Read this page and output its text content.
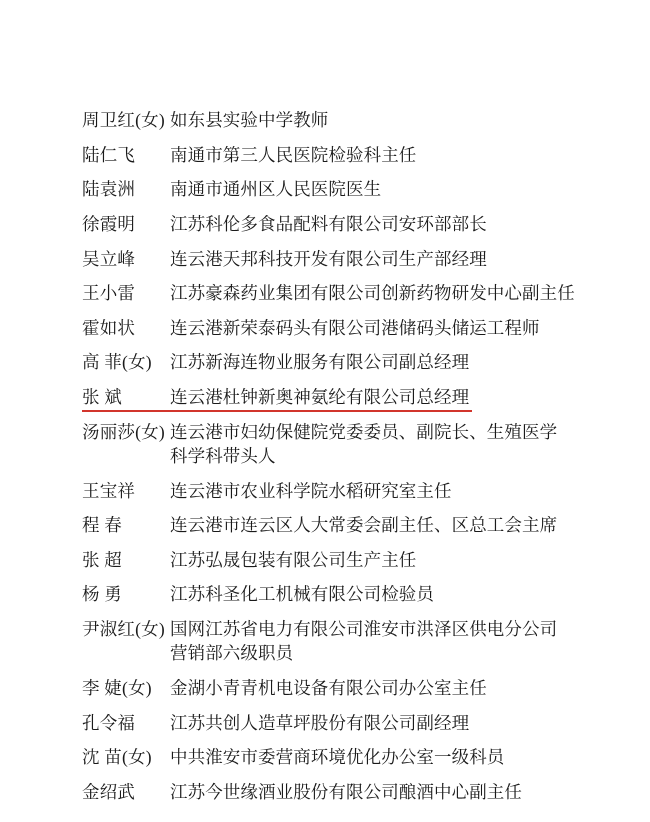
周卫红(女) 如东县实验中学教师
陆仁飞	南通市第三人民医院检验科主任
陆袁洲	南通市通州区人民医院医生
徐霞明	江苏科伦多食品配料有限公司安环部部长
吴立峰	连云港天邦科技开发有限公司生产部经理
王小雷	江苏豪森药业集团有限公司创新药物研发中心副主任
霍如状	连云港新荣泰码头有限公司港储码头储运工程师
高 菲(女)	江苏新海连物业服务有限公司副总经理
张 斌	连云港杜钟新奥神氨纶有限公司总经理
汤丽莎(女) 连云港市妇幼保健院党委委员、副院长、生殖医学
科学科带头人
王宝祥	连云港市农业科学院水稻研究室主任
程 春	连云港市连云区人大常委会副主任、区总工会主席
张 超	江苏弘晟包装有限公司生产主任
杨 勇	江苏科圣化工机械有限公司检验员
尹淑红(女) 国网江苏省电力有限公司淮安市洪泽区供电分公司
营销部六级职员
李 婕(女)	金湖小青青机电设备有限公司办公室主任
孔令福	江苏共创人造草坪股份有限公司副经理
沈 苗(女)	中共淮安市委营商环境优化办公室一级科员
金绍武	江苏今世缘酒业股份有限公司酿酒中心副主任
